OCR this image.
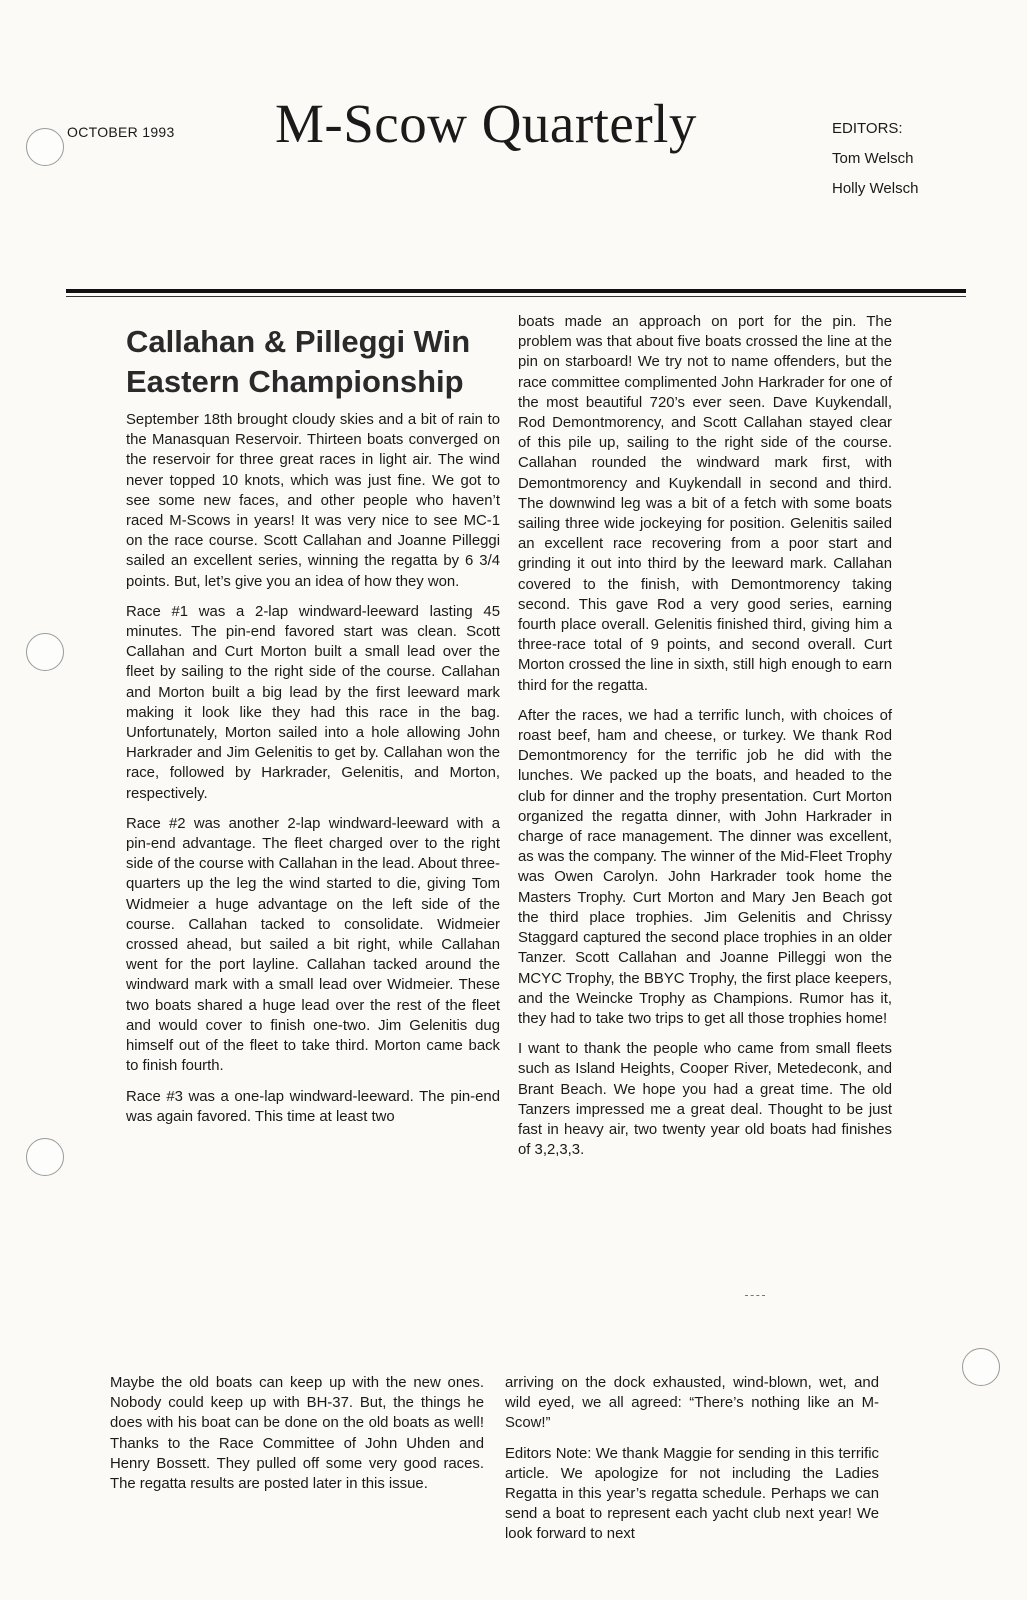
OCTOBER 1993 M-Scow Quarterly	EDITORS:
Tom Welsch
Holly Welsch
Callahan & Pilleggi Win Eastern Championship

September 18th brought cloudy skies and a bit of rain to the Manasquan Reservoir. Thirteen boats converged on the reservoir for three great races in light air. The wind never topped 10 knots, which was just fine. We got to see some new faces, and other people who haven’t raced M-Scows in years! It was very nice to see MC-1 on the race course. Scott Callahan and Joanne Pilleggi sailed an excellent series, winning the regatta by 6 3/4 points. But, let’s give you an idea of how they won.

Race #1 was a 2-lap windward-leeward lasting 45 minutes. The pin-end favored start was clean. Scott Callahan and Curt Morton built a small lead over the fleet by sailing to the right side of the course. Callahan and Morton built a big lead by the first leeward mark making it look like they had this race in the bag. Unfortunately, Morton sailed into a hole allowing John Harkrader and Jim Gelenitis to get by. Callahan won the race, followed by Harkrader, Gelenitis, and Morton, respectively.

Race #2 was another 2-lap windward-leeward with a pin-end advantage. The fleet charged over to the right side of the course with Callahan in the lead. About three-quarters up the leg the wind started to die, giving Tom Widmeier a huge advantage on the left side of the course. Callahan tacked to consolidate. Widmeier crossed ahead, but sailed a bit right, while Callahan went for the port layline. Callahan tacked around the windward mark with a small lead over Widmeier. These two boats shared a huge lead over the rest of the fleet and would cover to finish one-two. Jim Gelenitis dug himself out of the fleet to take third. Morton came back to finish fourth.

Race #3 was a one-lap windward-leeward. The pin-end was again favored. This time at least two

boats made an approach on port for the pin. The problem was that about five boats crossed the line at the pin on starboard! We try not to name offenders, but the race committee complimented John Harkrader for one of the most beautiful 720’s ever seen. Dave Kuykendall, Rod Demontmorency, and Scott Callahan stayed clear of this pile up, sailing to the right side of the course. Callahan rounded the windward mark first, with Demontmorency and Kuykendall in second and third. The downwind leg was a bit of a fetch with some boats sailing three wide jockeying for position. Gelenitis sailed an excellent race recovering from a poor start and grinding it out into third by the leeward mark. Callahan covered to the finish, with Demontmorency taking second. This gave Rod a very good series, earning fourth place overall. Gelenitis finished third, giving him a three-race total of 9 points, and second overall. Curt Morton crossed the line in sixth, still high enough to earn third for the regatta.

After the races, we had a terrific lunch, with choices of roast beef, ham and cheese, or turkey. We thank Rod Demontmorency for the terrific job he did with the lunches. We packed up the boats, and headed to the club for dinner and the trophy presentation. Curt Morton organized the regatta dinner, with John Harkrader in charge of race management. The dinner was excellent, as was the company. The winner of the Mid-Fleet Trophy was Owen Carolyn. John Harkrader took home the Masters Trophy. Curt Morton and Mary Jen Beach got the third place trophies. Jim Gelenitis and Chrissy Staggard captured the second place trophies in an older Tanzer. Scott Callahan and Joanne Pilleggi won the MCYC Trophy, the BBYC Trophy, the first place keepers, and the Weincke Trophy as Champions. Rumor has it, they had to take two trips to get all those trophies home!

I want to thank the people who came from small fleets such as Island Heights, Cooper River, Metedeconk, and Brant Beach. We hope you had a great time. The old Tanzers impressed me a great deal. Thought to be just fast in heavy air, two twenty year old boats had finishes of 3,2,3,3.

Maybe the old boats can keep up with the new ones. Nobody could keep up with BH-37. But, the things he does with his boat can be done on the old boats as well! Thanks to the Race Committee of John Uhden and Henry Bossett. They pulled off some very good races. The regatta results are posted later in this issue.

arriving on the dock exhausted, wind-blown, wet, and wild eyed, we all agreed: “There’s nothing like an M-Scow!”

Editors Note: We thank Maggie for sending in this terrific article. We apologize for not including the Ladies Regatta in this year’s regatta schedule. Perhaps we can send a boat to represent each yacht club next year! We look forward to next
